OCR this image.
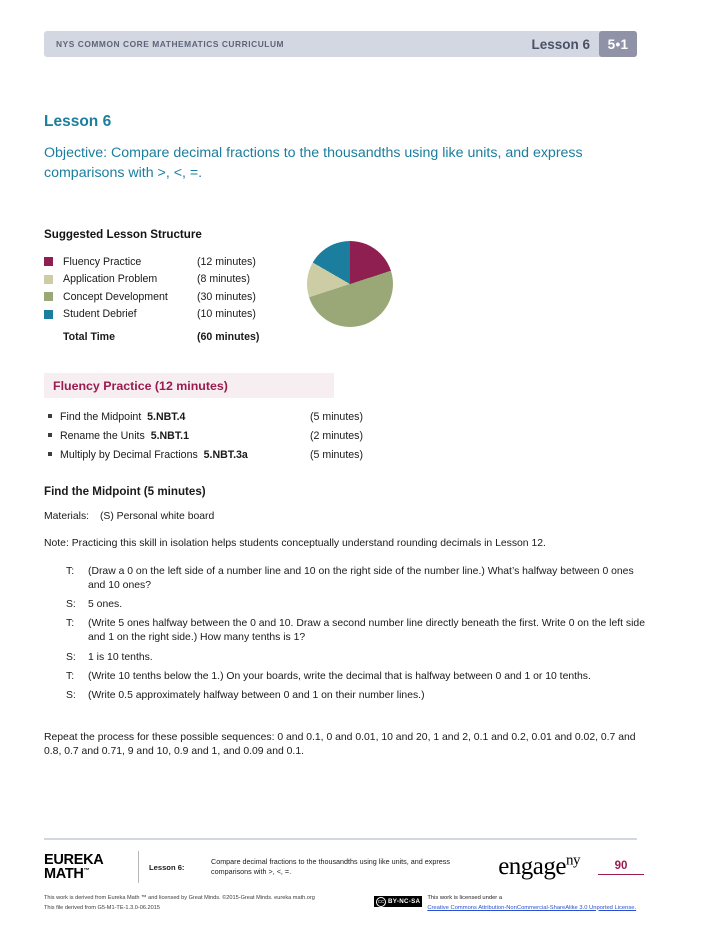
NYS COMMON CORE MATHEMATICS CURRICULUM	Lesson 6	5•1
Lesson 6
Objective: Compare decimal fractions to the thousandths using like units, and express comparisons with >, <, =.
Suggested Lesson Structure
Fluency Practice	(12 minutes)
Application Problem	(8 minutes)
Concept Development	(30 minutes)
Student Debrief	(10 minutes)
Total Time	(60 minutes)
Fluency Practice (12 minutes)
Find the Midpoint 5.NBT.4	(5 minutes)
Rename the Units 5.NBT.1	(2 minutes)
Multiply by Decimal Fractions 5.NBT.3a	(5 minutes)
Find the Midpoint (5 minutes)
Materials: (S) Personal white board
Note: Practicing this skill in isolation helps students conceptually understand rounding decimals in Lesson 12.
T:	(Draw a 0 on the left side of a number line and 10 on the right side of the number line.) What’s halfway between 0 ones and 10 ones?
S:	5 ones.
T:	(Write 5 ones halfway between the 0 and 10. Draw a second number line directly beneath the first. Write 0 on the left side and 1 on the right side.) How many tenths is 1?
S:	1 is 10 tenths.
T:	(Write 10 tenths below the 1.) On your boards, write the decimal that is halfway between 0 and 1 or 10 tenths.
S:	(Write 0.5 approximately halfway between 0 and 1 on their number lines.)
Repeat the process for these possible sequences: 0 and 0.1, 0 and 0.01, 10 and 20, 1 and 2, 0.1 and 0.2, 0.01 and 0.02, 0.7 and 0.8, 0.7 and 0.71, 9 and 10, 0.9 and 1, and 0.09 and 0.1.
EUREKA
MATH™	Lesson 6:
Compare decimal fractions to the thousandths using like units, and express comparisons with >, <, =.	engage$^{ny}$	90
This work is derived from Eureka Math ™ and licensed by Great Minds. ©2015-Great Minds. eureka math.org
This file derived from G5-M1-TE-1.3.0-06.2015
CC BY-NC-SA This work is licensed under a
Creative Commons Attribution-NonCommercial-ShareAlike 3.0 Unported License.
